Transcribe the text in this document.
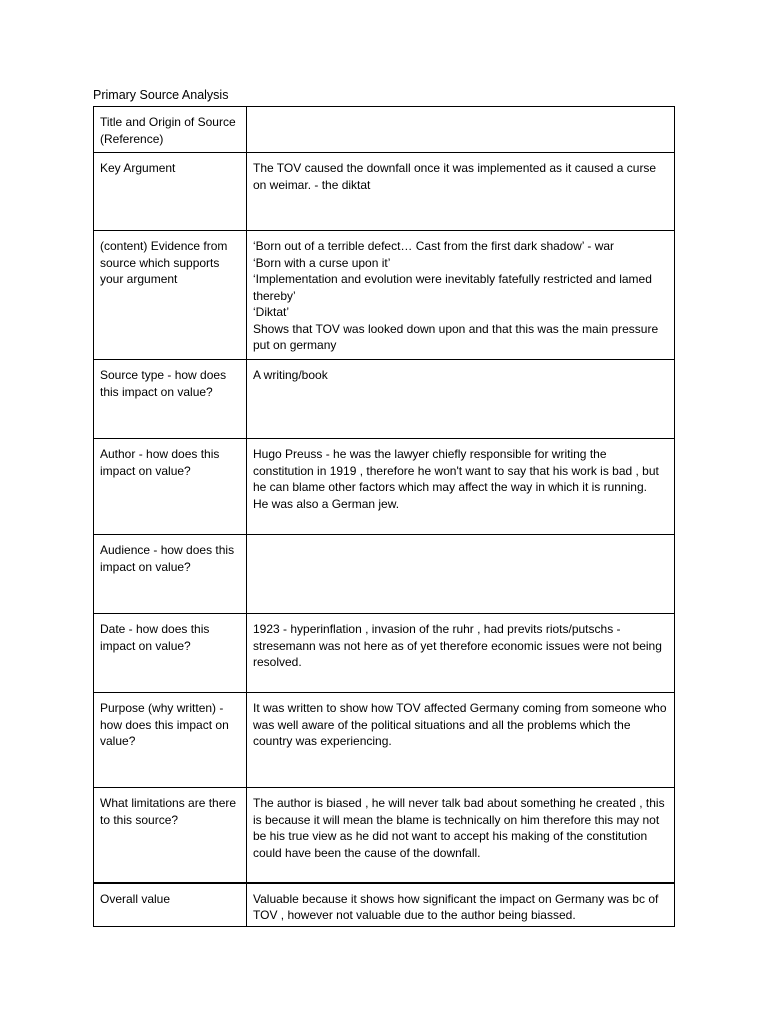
Primary Source Analysis
Title and Origin of Source (Reference)	

Key Argument	The TOV caused the downfall once it was implemented as it caused a curse on weimar. - the diktat

(content) Evidence from source which supports your argument	‘Born out of a terrible defect… Cast from the first dark shadow’ - war
‘Born with a curse upon it’
‘Implementation and evolution were inevitably fatefully restricted and lamed thereby’
‘Diktat’
Shows that TOV was looked down upon and that this was the main pressure put on germany

Source type - how does this impact on value?	A writing/book

Author - how does this impact on value?	Hugo Preuss - he was the lawyer chiefly responsible for writing the constitution in 1919 , therefore he won't want to say that his work is bad , but he can blame other factors which may affect the way in which it is running.
He was also a German jew.

Audience - how does this impact on value?	

Date - how does this impact on value?	1923 - hyperinflation , invasion of the ruhr , had previts riots/putschs - stresemann was not here as of yet therefore economic issues were not being resolved.

Purpose (why written) - how does this impact on value?	It was written to show how TOV affected Germany coming from someone who was well aware of the political situations and all the problems which the country was experiencing.

What limitations are there to this source?	The author is biased , he will never talk bad about something he created , this is because it will mean the blame is technically on him therefore this may not be his true view as he did not want to accept his making of the constitution could have been the cause of the downfall.

Overall value	Valuable because it shows how significant the impact on Germany was bc of TOV , however not valuable due to the author being biassed.
